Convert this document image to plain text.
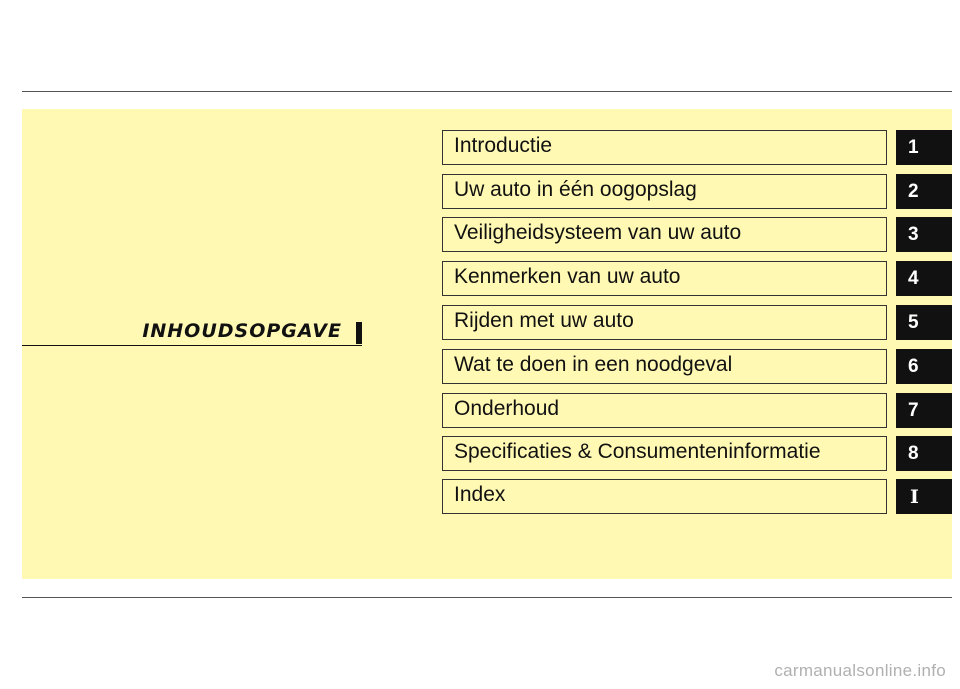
INHOUDSOPGAVE
Introductie	1
Uw auto in één oogopslag	2
Veiligheidsysteem van uw auto	3
Kenmerken van uw auto	4
Rijden met uw auto	5
Wat te doen in een noodgeval	6
Onderhoud	7
Specificaties & Consumenteninformatie	8
Index	I
carmanualsonline.info
